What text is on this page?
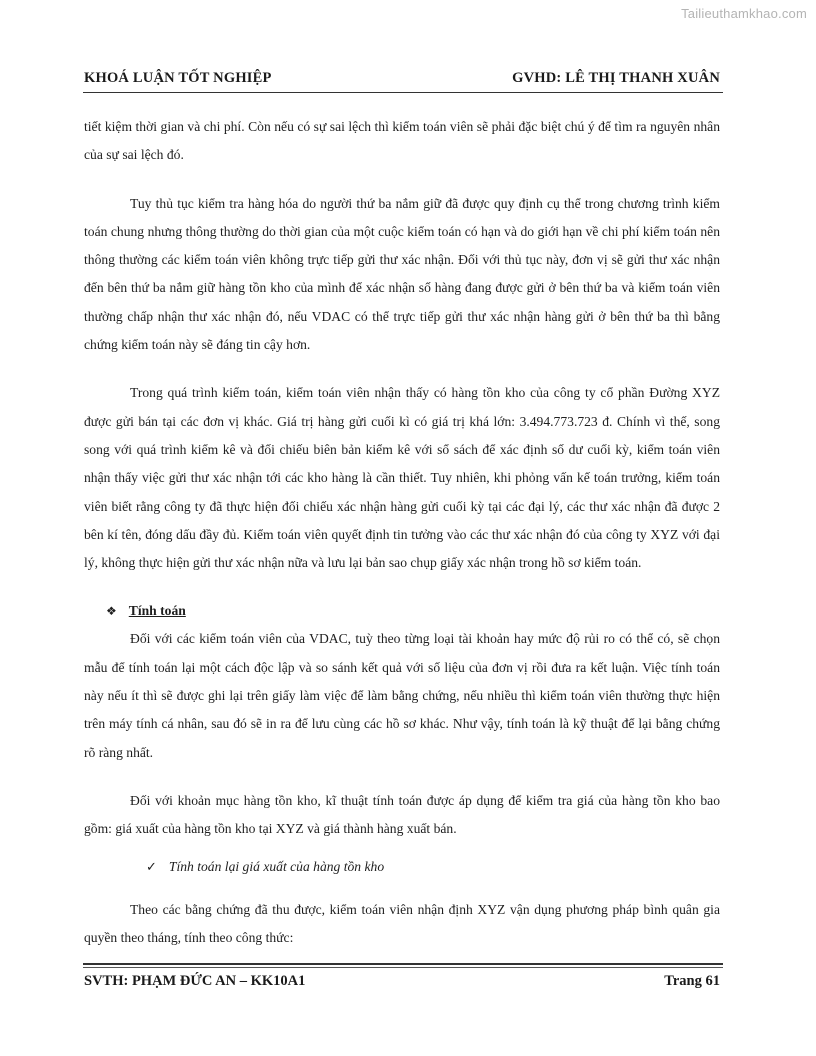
Tailieuthamkhao.com
KHOÁ LUẬN TỐT NGHIỆP	GVHD: LÊ THỊ THANH XUÂN

tiết kiệm thời gian và chi phí. Còn nếu có sự sai lệch thì kiểm toán viên sẽ phải đặc biệt chú ý để tìm ra nguyên nhân của sự sai lệch đó.

Tuy thủ tục kiểm tra hàng hóa do người thứ ba nắm giữ đã được quy định cụ thể trong chương trình kiểm toán chung nhưng thông thường do thời gian của một cuộc kiểm toán có hạn và do giới hạn về chi phí kiểm toán nên thông thường các kiểm toán viên không trực tiếp gửi thư xác nhận. Đối với thủ tục này, đơn vị sẽ gửi thư xác nhận đến bên thứ ba nắm giữ hàng tồn kho của mình để xác nhận số hàng đang được gửi ở bên thứ ba và kiểm toán viên thường chấp nhận thư xác nhận đó, nếu VDAC có thể trực tiếp gửi thư xác nhận hàng gửi ở bên thứ ba thì bằng chứng kiểm toán này sẽ đáng tin cậy hơn.

Trong quá trình kiểm toán, kiểm toán viên nhận thấy có hàng tồn kho của công ty cổ phần Đường XYZ được gửi bán tại các đơn vị khác. Giá trị hàng gửi cuối kì có giá trị khá lớn: 3.494.773.723 đ. Chính vì thế, song song với quá trình kiểm kê và đối chiếu biên bản kiểm kê với sổ sách để xác định số dư cuối kỳ, kiểm toán viên nhận thấy việc gửi thư xác nhận tới các kho hàng là cần thiết. Tuy nhiên, khi phỏng vấn kế toán trưởng, kiểm toán viên biết rằng công ty đã thực hiện đối chiếu xác nhận hàng gửi cuối kỳ tại các đại lý, các thư xác nhận đã được 2 bên kí tên, đóng dấu đầy đủ. Kiểm toán viên quyết định tin tưởng vào các thư xác nhận đó của công ty XYZ với đại lý, không thực hiện gửi thư xác nhận nữa và lưu lại bản sao chụp giấy xác nhận trong hồ sơ kiểm toán.

❖ Tính toán

Đối với các kiểm toán viên của VDAC, tuỳ theo từng loại tài khoản hay mức độ rủi ro có thể có, sẽ chọn mẫu để tính toán lại một cách độc lập và so sánh kết quả với số liệu của đơn vị rồi đưa ra kết luận. Việc tính toán này nếu ít thì sẽ được ghi lại trên giấy làm việc để làm bằng chứng, nếu nhiều thì kiểm toán viên thường thực hiện trên máy tính cá nhân, sau đó sẽ in ra để lưu cùng các hồ sơ khác. Như vậy, tính toán là kỹ thuật để lại bằng chứng rõ ràng nhất.

Đối với khoản mục hàng tồn kho, kĩ thuật tính toán được áp dụng để kiểm tra giá của hàng tồn kho bao gồm: giá xuất của hàng tồn kho tại XYZ và giá thành hàng xuất bán.

✓ Tính toán lại giá xuất của hàng tồn kho

Theo các bằng chứng đã thu được, kiểm toán viên nhận định XYZ vận dụng phương pháp bình quân gia quyền theo tháng, tính theo công thức:

SVTH: PHẠM ĐỨC AN – KK10A1	Trang 61
